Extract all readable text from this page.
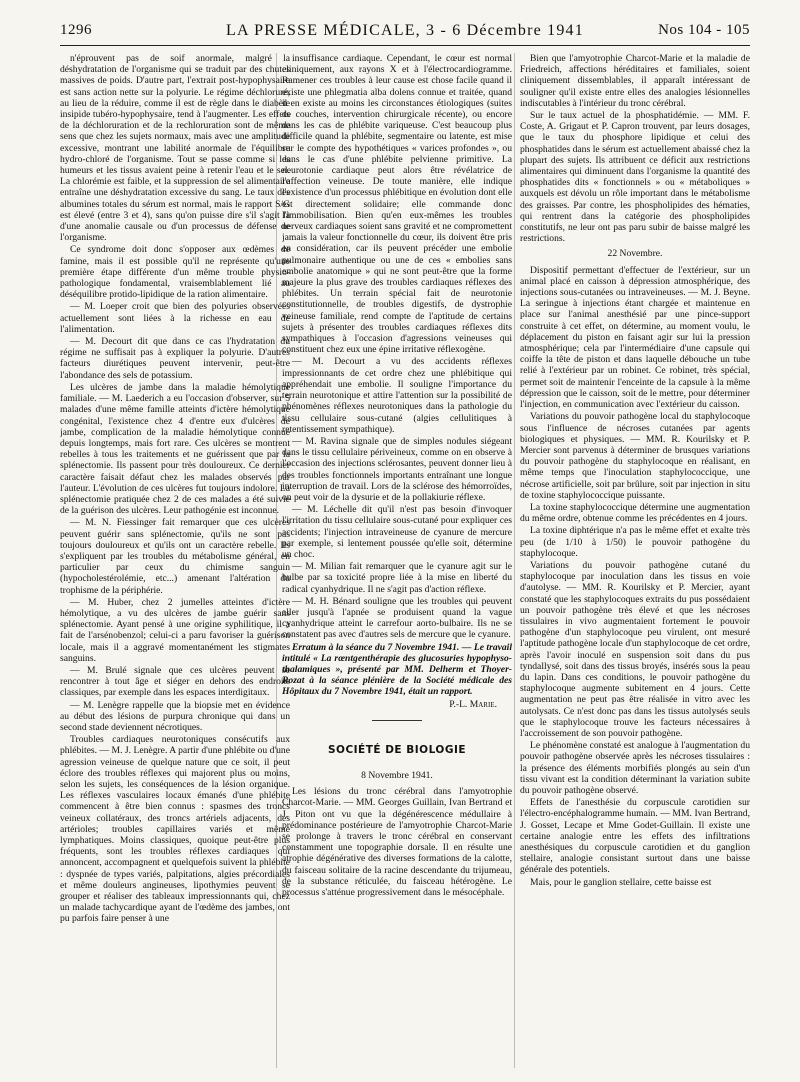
1296	LA PRESSE MÉDICALE, 3 - 6 Décembre 1941	Nos 104 - 105

n'éprouvent pas de soif anormale, malgré la déshydratation de l'organisme qui se traduit par des chutes massives de poids. D'autre part, l'extrait post-hypophysaire est sans action nette sur la polyurie. Le régime déchloruré, au lieu de la réduire, comme il est de règle dans le diabète insipide tubéro-hypophysaire, tend à l'augmenter. Les effets de la déchloruration et de la rechloruration sont de même sens que chez les sujets normaux, mais avec une amplitude excessive, montrant une labilité anormale de l'équilibre hydro-chloré de l'organisme. Tout se passe comme si les humeurs et les tissus avaient peine à retenir l'eau et le sel. La chlorémie est faible, et la suppression de sel alimentaire entraîne une déshydratation excessive du sang. Le taux des albumines totales du sérum est normal, mais le rapport S/G est élevé (entre 3 et 4), sans qu'on puisse dire s'il s'agit là d'une anomalie causale ou d'un processus de défense de l'organisme.

Ce syndrome doit donc s'opposer aux œdèmes de famine, mais il est possible qu'il ne représente qu'une première étape différente d'un même trouble physio-pathologique fondamental, vraisemblablement lié au déséquilibre protido-lipidique de la ration alimentaire.

— M. Loeper croit que bien des polyuries observées actuellement sont liées à la richesse en eau de l'alimentation.

— M. Decourt dit que dans ce cas l'hydratation du régime ne suffisait pas à expliquer la polyurie. D'autres facteurs diurétiques peuvent intervenir, peut-être l'abondance des sels de potassium.

Les ulcères de jambe dans la maladie hémolytique familiale. — M. Laederich a eu l'occasion d'observer, sur 5 malades d'une même famille atteints d'ictère hémolytique congénital, l'existence chez 4 d'entre eux d'ulcères de jambe, complication de la maladie hémolytique connue depuis longtemps, mais fort rare. Ces ulcères se montrent rebelles à tous les traitements et ne guérissent que par la splénectomie. Ils passent pour très douloureux. Ce dernier caractère faisait défaut chez les malades observés par l'auteur. L'évolution de ces ulcères fut toujours indolore. La splénectomie pratiquée chez 2 de ces malades a été suivie de la guérison des ulcères. Leur pathogénie est inconnue.

— M. N. Fiessinger fait remarquer que ces ulcères peuvent guérir sans splénectomie, qu'ils ne sont pas toujours douloureux et qu'ils ont un caractère rebelle. Ils s'expliquent par les troubles du métabolisme général, en particulier par ceux du chimisme sanguin (hypocholestérolémie, etc...) amenant l'altération du trophisme de la périphérie.

— M. Huber, chez 2 jumelles atteintes d'ictère hémolytique, a vu des ulcères de jambe guérir sans splénectomie. Ayant pensé à une origine syphilitique, il a fait de l'arsénobenzol; celui-ci a paru favoriser la guérison locale, mais il a aggravé momentanément les stigmates sanguins.

— M. Brulé signale que ces ulcères peuvent se rencontrer à tout âge et siéger en dehors des endroits classiques, par exemple dans les espaces interdigitaux.

— M. Lenègre rappelle que la biopsie met en évidence au début des lésions de purpura chronique qui dans un second stade deviennent nécrotiques.

Troubles cardiaques neurotoniques consécutifs aux phlébites. — M. J. Lenègre. A partir d'une phlébite ou d'une agression veineuse de quelque nature que ce soit, il peut éclore des troubles réflexes qui majorent plus ou moins, selon les sujets, les conséquences de la lésion organique. Les réflexes vasculaires locaux émanés d'une phlébite commencent à être bien connus : spasmes des troncs veineux collatéraux, des troncs artériels adjacents, des artérioles; troubles capillaires variés et même lymphatiques. Moins classiques, quoique peut-être plus fréquents, sont les troubles réflexes cardiaques qui annoncent, accompagnent et quelquefois suivent la phlébite : dyspnée de types variés, palpitations, algies précordiales et même douleurs angineuses, lipothymies peuvent se grouper et réaliser des tableaux impressionnants qui, chez un malade tachycardique ayant de l'œdème des jambes, ont pu parfois faire penser à une

insuffisance cardiaque. Cependant, le cœur est normal cliniquement, aux rayons X et à l'électrocardiogramme. Ramener ces troubles à leur cause est chose facile quand il existe une phlegmatia alba dolens connue et traitée, quand il en existe au moins les circonstances étiologiques (suites de couches, intervention chirurgicale récente), ou encore dans les cas de phlébite variqueuse. C'est beaucoup plus difficile quand la phlébite, segmentaire ou latente, est mise sur le compte des hypothétiques « varices profondes », ou dans le cas d'une phlébite pelvienne primitive. La neurotonie cardiaque peut alors être révélatrice de l'affection veineuse. De toute manière, elle indique l'existence d'un processus phlébitique en évolution dont elle est directement solidaire; elle commande donc l'immobilisation. Bien qu'en eux-mêmes les troubles nerveux cardiaques soient sans gravité et ne compromettent jamais la valeur fonctionnelle du cœur, ils doivent être pris en considération, car ils peuvent précéder une embolie pulmonaire authentique ou une de ces « embolies sans embolie anatomique » qui ne sont peut-être que la forme majeure la plus grave des troubles cardiaques réflexes des phlébites. Un terrain spécial fait de neurotonie constitutionnelle, de troubles digestifs, de dystrophie veineuse familiale, rend compte de l'aptitude de certains sujets à présenter des troubles cardiaques réflexes dits sympathiques à l'occasion d'agressions veineuses qui constituent chez eux une épine irritative réflexogène.

— M. Decourt a vu des accidents réflexes impressionnants de cet ordre chez une phlébitique qui appréhendait une embolie. Il souligne l'importance du terrain neurotonique et attire l'attention sur la possibilité de phénomènes réflexes neurotoniques dans la pathologie du tissu cellulaire sous-cutané (algies cellulitiques à retentissement sympathique).

— M. Ravina signale que de simples nodules siégeant dans le tissu cellulaire périveineux, comme on en observe à l'occasion des injections sclérosantes, peuvent donner lieu à des troubles fonctionnels importants entraînant une longue interruption de travail. Lors de la sclérose des hémorroïdes, on peut voir de la dysurie et de la pollakiurie réflexe.

— M. Léchelle dit qu'il n'est pas besoin d'invoquer l'irritation du tissu cellulaire sous-cutané pour expliquer ces accidents; l'injection intraveineuse de cyanure de mercure par exemple, si lentement poussée qu'elle soit, détermine un choc.

— M. Milian fait remarquer que le cyanure agit sur le bulbe par sa toxicité propre liée à la mise en liberté du radical cyanhydrique. Il ne s'agit pas d'action réflexe.

— M. H. Bénard souligne que les troubles qui peuvent aller jusqu'à l'apnée se produisent quand la vague cyanhydrique atteint le carrefour aorto-bulbaire. Ils ne se constatent pas avec d'autres sels de mercure que le cyanure.

Erratum à la séance du 7 Novembre 1941. — Le travail intitulé « La rœntgenthérapie des glucosuries hypophyso-thalamiques », présenté par MM. Delherm et Thoyer-Rozat à la séance plénière de la Société médicale des Hôpitaux du 7 Novembre 1941, était un rapport.

P.-L. Marie.

SOCIÉTÉ DE BIOLOGIE

8 Novembre 1941.

Les lésions du tronc cérébral dans l'amyotrophie Charcot-Marie. — MM. Georges Guillain, Ivan Bertrand et J. Piton ont vu que la dégénérescence médullaire à prédominance postérieure de l'amyotrophie Charcot-Marie se prolonge à travers le tronc cérébral en conservant constamment une topographie dorsale. Il en résulte une atrophie dégénérative des diverses formations de la calotte, du faisceau solitaire de la racine descendante du trijumeau, de la substance réticulée, du faisceau hétérogène. Le processus s'atténue progressivement dans le mésocéphale.

Bien que l'amyotrophie Charcot-Marie et la maladie de Friedreich, affections héréditaires et familiales, soient cliniquement dissemblables, il apparaît intéressant de souligner qu'il existe entre elles des analogies lésionnelles indiscutables à l'intérieur du tronc cérébral.

Sur le taux actuel de la phosphatidémie. — MM. F. Coste, A. Grigaut et P. Capron trouvent, par leurs dosages, que le taux du phosphore lipidique et celui des phosphatides dans le sérum est actuellement abaissé chez la plupart des sujets. Ils attribuent ce déficit aux restrictions alimentaires qui diminuent dans l'organisme la quantité des phosphatides dits « fonctionnels » ou « métaboliques » auxquels est dévolu un rôle important dans le métabolisme des graisses. Par contre, les phospholipides des hématies, qui rentrent dans la catégorie des phospholipides constitutifs, ne leur ont pas paru subir de baisse malgré les restrictions.

22 Novembre.

Dispositif permettant d'effectuer de l'extérieur, sur un animal placé en caisson à dépression atmosphérique, des injections sous-cutanées ou intraveineuses. — M. J. Beyne. La seringue à injections étant chargée et maintenue en place sur l'animal anesthésié par une pince-support construite à cet effet, on détermine, au moment voulu, le déplacement du piston en faisant agir sur lui la pression atmosphérique; cela par l'intermédiaire d'une capsule qui coiffe la tête de piston et dans laquelle débouche un tube relié à l'extérieur par un robinet. Ce robinet, très spécial, permet soit de maintenir l'enceinte de la capsule à la même dépression que le caisson, soit de le mettre, pour déterminer l'injection, en communication avec l'extérieur du caisson.

Variations du pouvoir pathogène local du staphylocoque sous l'influence de nécroses cutanées par agents biologiques et physiques. — MM. R. Kourilsky et P. Mercier sont parvenus à déterminer de brusques variations du pouvoir pathogène du staphylocoque en réalisant, en même temps que l'inoculation staphylococcique, une nécrose artificielle, soit par brûlure, soit par injection in situ de toxine staphylococcique puissante.

La toxine staphylococcique détermine une augmentation du même ordre, obtenue comme les précédentes en 4 jours.

La toxine diphtérique n'a pas le même effet et exalte très peu (de 1/10 à 1/50) le pouvoir pathogène du staphylocoque.

Variations du pouvoir pathogène cutané du staphylocoque par inoculation dans les tissus en voie d'autolyse. — MM. R. Kourilsky et P. Mercier, ayant constaté que les staphylocoques extraits du pus possédaient un pouvoir pathogène très élevé et que les nécroses tissulaires in vivo augmentaient fortement le pouvoir pathogène d'un staphylocoque peu virulent, ont mesuré l'aptitude pathogène locale d'un staphylocoque de cet ordre, après l'avoir inoculé en suspension soit dans du pus tyndallysé, soit dans des tissus broyés, insérés sous la peau du lapin. Dans ces conditions, le pouvoir pathogène du staphylocoque augmente subitement en 4 jours. Cette augmentation ne peut pas être réalisée in vitro avec les autolysats. Ce n'est donc pas dans les tissus autolysés seuls que le staphylocoque trouve les facteurs nécessaires à l'accroissement de son pouvoir pathogène.

Le phénomène constaté est analogue à l'augmentation du pouvoir pathogène observée après les nécroses tissulaires : la présence des éléments morbifiés plongés au sein d'un tissu vivant est la condition déterminant la variation subite du pouvoir pathogène observé.

Effets de l'anesthésie du corpuscule carotidien sur l'électro-encéphalogramme humain. — MM. Ivan Bertrand, J. Gosset, Lecape et Mme Godet-Guillain. Il existe une certaine analogie entre les effets des infiltrations anesthésiques du corpuscule carotidien et du ganglion stellaire, analogie consistant surtout dans une baisse générale des potentiels.

Mais, pour le ganglion stellaire, cette baisse est
